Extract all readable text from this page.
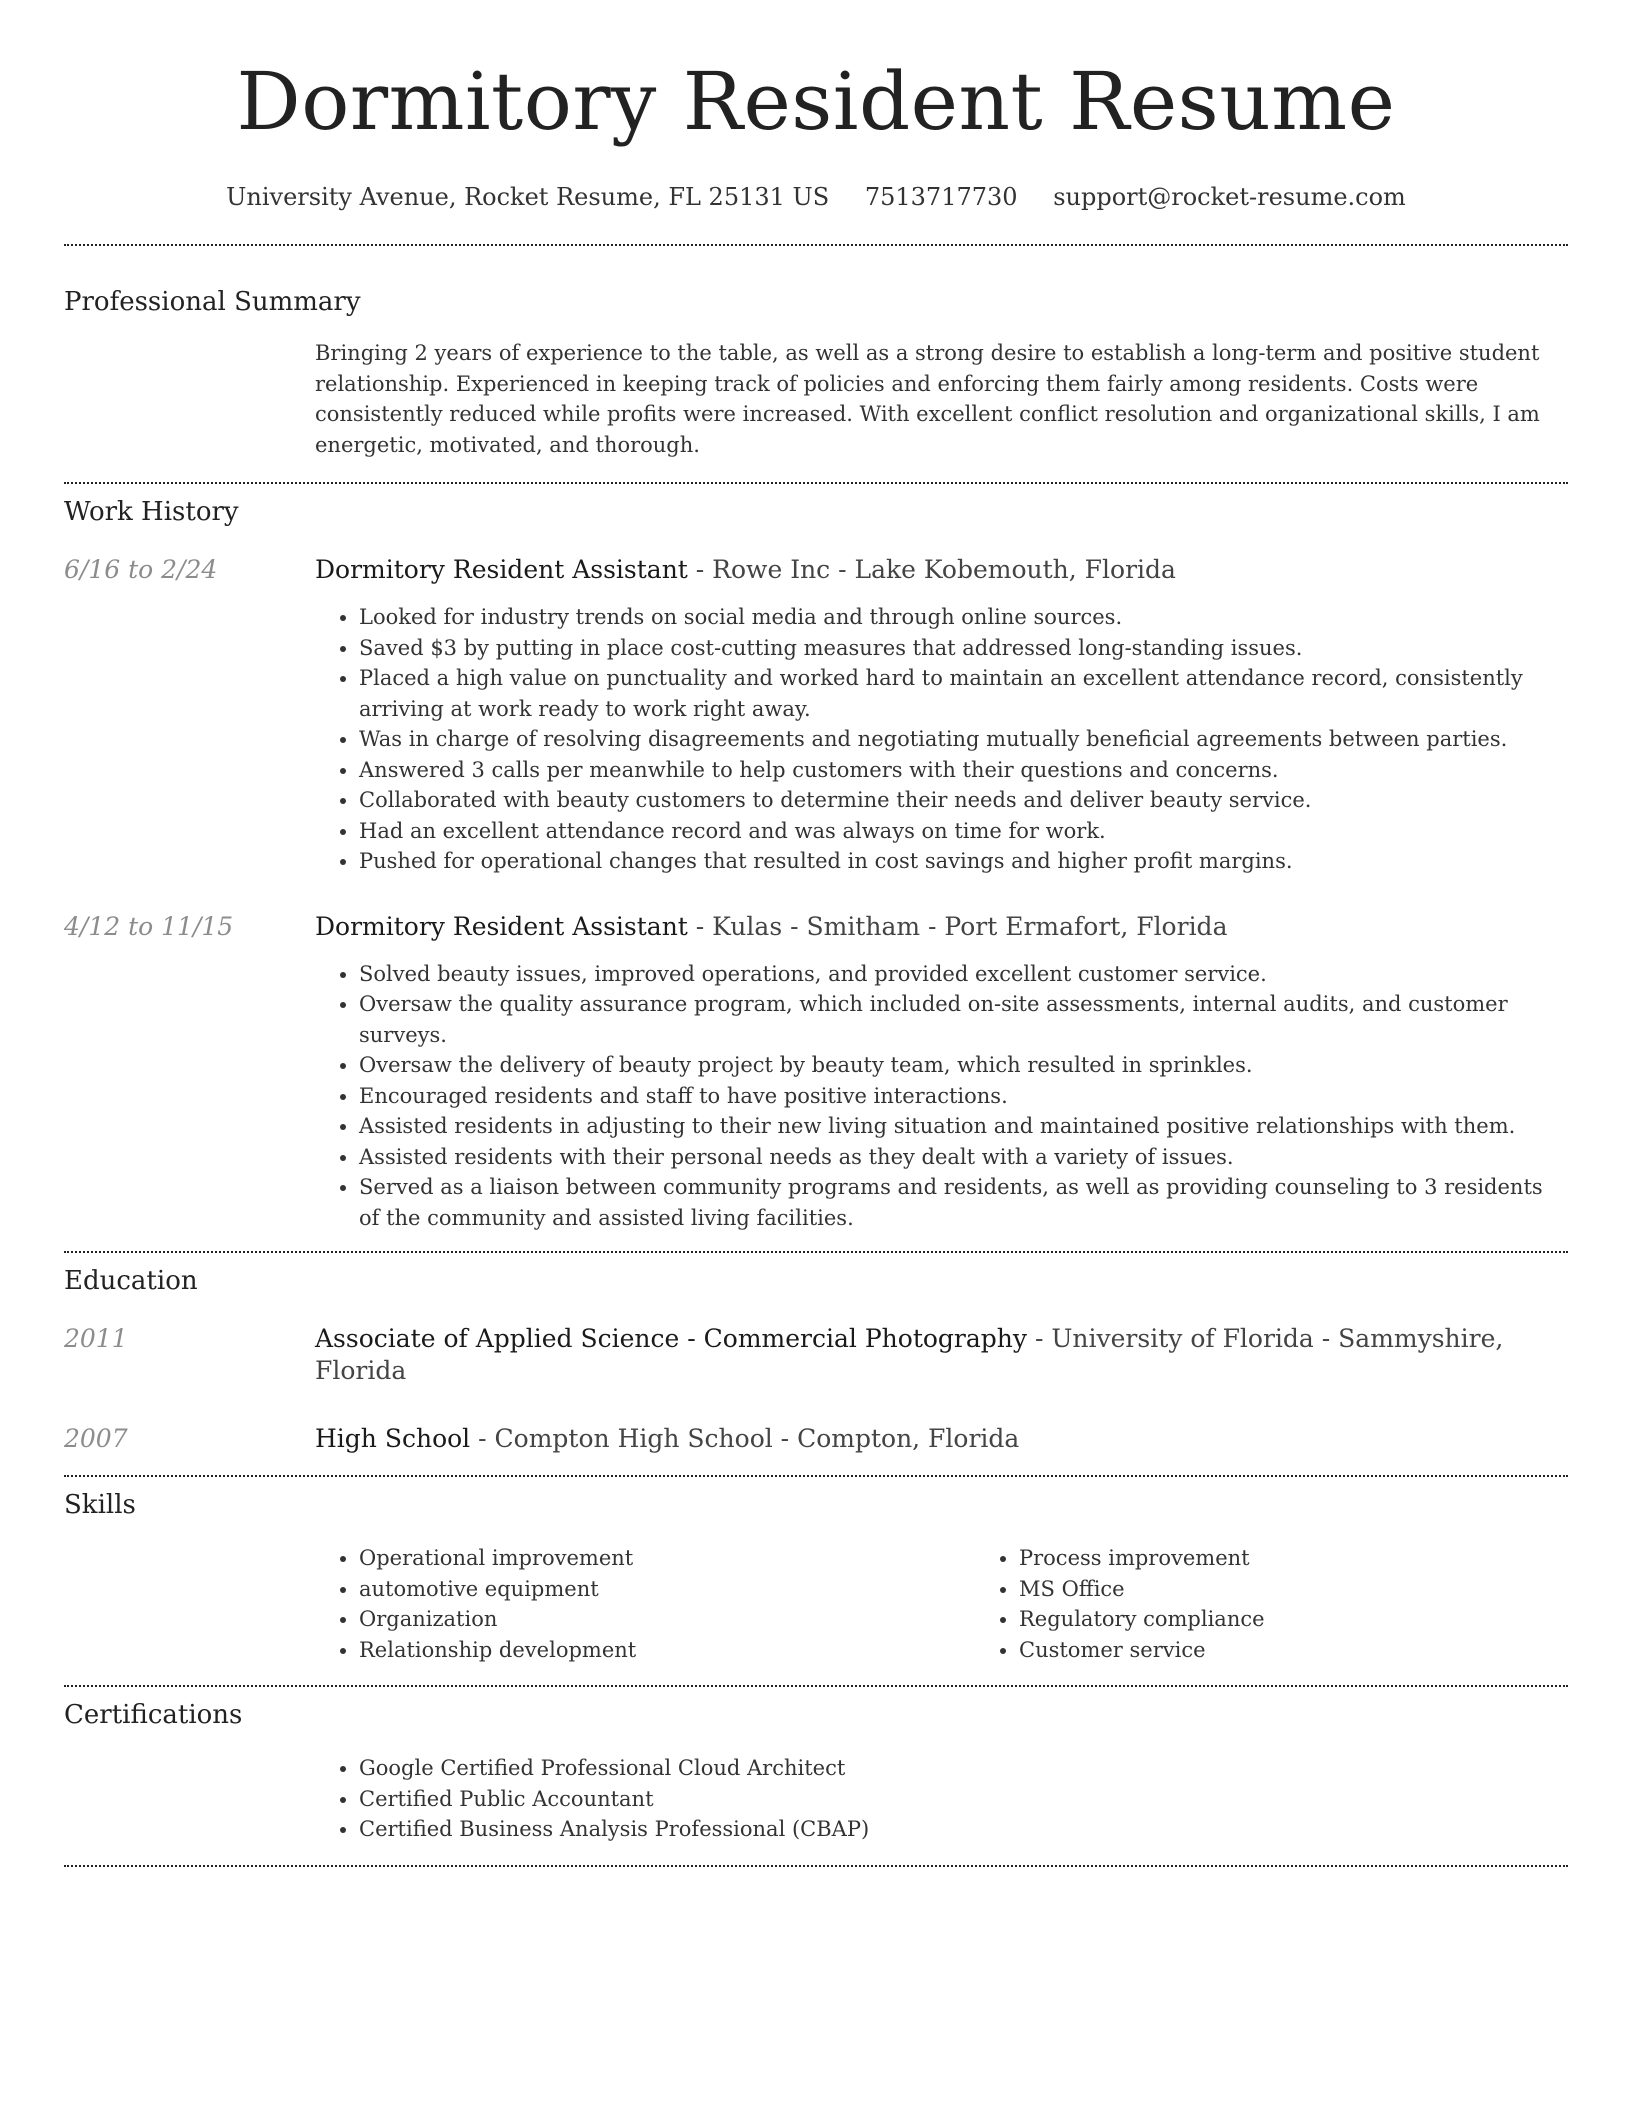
Dormitory Resident Resume
University Avenue, Rocket Resume, FL 25131 US 7513717730 support@rocket-resume.com
Professional Summary

Bringing 2 years of experience to the table, as well as a strong desire to establish a long-term and positive student relationship. Experienced in keeping track of policies and enforcing them fairly among residents. Costs were consistently reduced while profits were increased. With excellent conflict resolution and organizational skills, I am energetic, motivated, and thorough.

Work History
6/16 to 2/24	Dormitory Resident Assistant - Rowe Inc - Lake Kobemouth, Florida
• Looked for industry trends on social media and through online sources.
• Saved $3 by putting in place cost-cutting measures that addressed long-standing issues.
• Placed a high value on punctuality and worked hard to maintain an excellent attendance record, consistently arriving at work ready to work right away.
• Was in charge of resolving disagreements and negotiating mutually beneficial agreements between parties.
• Answered 3 calls per meanwhile to help customers with their questions and concerns.
• Collaborated with beauty customers to determine their needs and deliver beauty service.
• Had an excellent attendance record and was always on time for work.
• Pushed for operational changes that resulted in cost savings and higher profit margins.
4/12 to 11/15	Dormitory Resident Assistant - Kulas - Smitham - Port Ermafort, Florida
• Solved beauty issues, improved operations, and provided excellent customer service.
• Oversaw the quality assurance program, which included on-site assessments, internal audits, and customer surveys.
• Oversaw the delivery of beauty project by beauty team, which resulted in sprinkles.
• Encouraged residents and staff to have positive interactions.
• Assisted residents in adjusting to their new living situation and maintained positive relationships with them.
• Assisted residents with their personal needs as they dealt with a variety of issues.
• Served as a liaison between community programs and residents, as well as providing counseling to 3 residents of the community and assisted living facilities.
Education
2011	Associate of Applied Science - Commercial Photography - University of Florida - Sammyshire, Florida
2007	High School - Compton High School - Compton, Florida
Skills
• Operational improvement
• automotive equipment
• Organization
• Relationship development
• Process improvement
• MS Office
• Regulatory compliance
• Customer service
Certifications
• Google Certified Professional Cloud Architect
• Certified Public Accountant
• Certified Business Analysis Professional (CBAP)
